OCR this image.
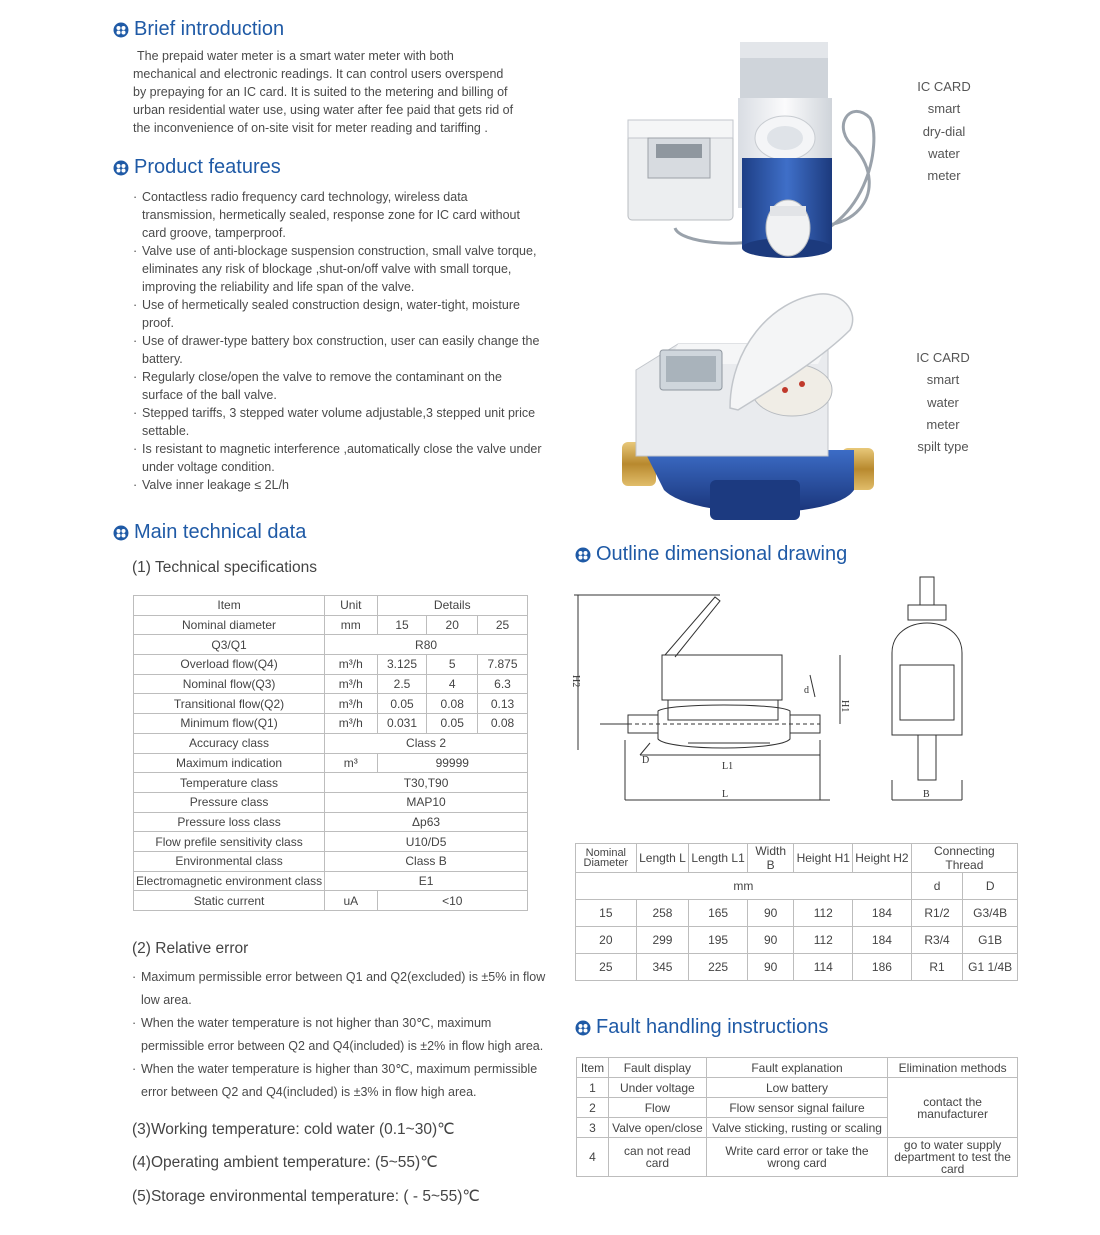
Brief introduction
The prepaid water meter is a smart water meter with both mechanical and electronic readings. It can control users overspend by prepaying for an IC card. It is suited to the metering and billing of urban residential water use, using water after fee paid that gets rid of the inconvenience of on-site visit for meter reading and tariffing .
Product features
· Contactless radio frequency card technology, wireless data transmission, hermetically sealed, response zone for IC card without card groove, tamperproof.
· Valve use of anti-blockage suspension construction, small valve torque, eliminates any risk of blockage ,shut-on/off valve with small torque, improving the reliability and life span of the valve.
· Use of hermetically sealed construction design, water-tight, moisture proof.
· Use of drawer-type battery box construction, user can easily change the battery.
· Regularly close/open the valve to remove the contaminant on the surface of the ball valve.
· Stepped tariffs, 3 stepped water volume adjustable,3 stepped unit price settable.
· Is resistant to magnetic interference ,automatically close the valve under under voltage condition.
· Valve inner leakage ≤ 2L/h
IC CARD
smart
dry-dial
water
meter
IC CARD
smart
water
meter
spilt type
Main technical data
(1) Technical specifications
Item	Unit	Details		
Nominal diameter	mm	15	20	25
Q3/Q1	R80			
Overload flow(Q4)	m³/h	3.125	5	7.875
Nominal flow(Q3)	m³/h	2.5	4	6.3
Transitional flow(Q2)	m³/h	0.05	0.08	0.13
Minimum flow(Q1)	m³/h	0.031	0.05	0.08
Accuracy class	Class 2			
Maximum indication	m³	99999		
Temperature class	T30,T90			
Pressure class	MAP10			
Pressure loss class	Δp63			
Flow prefile sensitivity class	U10/D5			
Environmental class	Class B			
Electromagnetic environment class	E1			
Static current	uA	<10		
(2) Relative error
· Maximum permissible error between Q1 and Q2(excluded) is ±5% in flow low area.
· When the water temperature is not higher than 30℃, maximum permissible error between Q2 and Q4(included) is ±2% in flow high area.
· When the water temperature is higher than 30℃, maximum permissible error between Q2 and Q4(included) is ±3% in flow high area.
(3)Working temperature: cold water (0.1~30)℃
(4)Operating ambient temperature: (5~55)℃
(5)Storage environmental temperature: ( - 5~55)℃
Outline dimensional drawing
H2
H1
d
D
L1
L	B
Nominal Diameter	Length L	Length L1	Width B	Height H1	Height H2	Connecting Thread	
mm						d	D
15	258	165	90	112	184	R1/2	G3/4B
20	299	195	90	112	184	R3/4	G1B
25	345	225	90	114	186	R1	G1 1/4B
Fault handling instructions
Item	Fault display	Fault explanation	Elimination methods
1	Under voltage	Low battery	contact the manufacturer
2	Flow	Flow sensor signal failure	
3	Valve open/close	Valve sticking, rusting or scaling	
4	can not read card	Write card error or take the wrong card	go to water supply department to test the card
